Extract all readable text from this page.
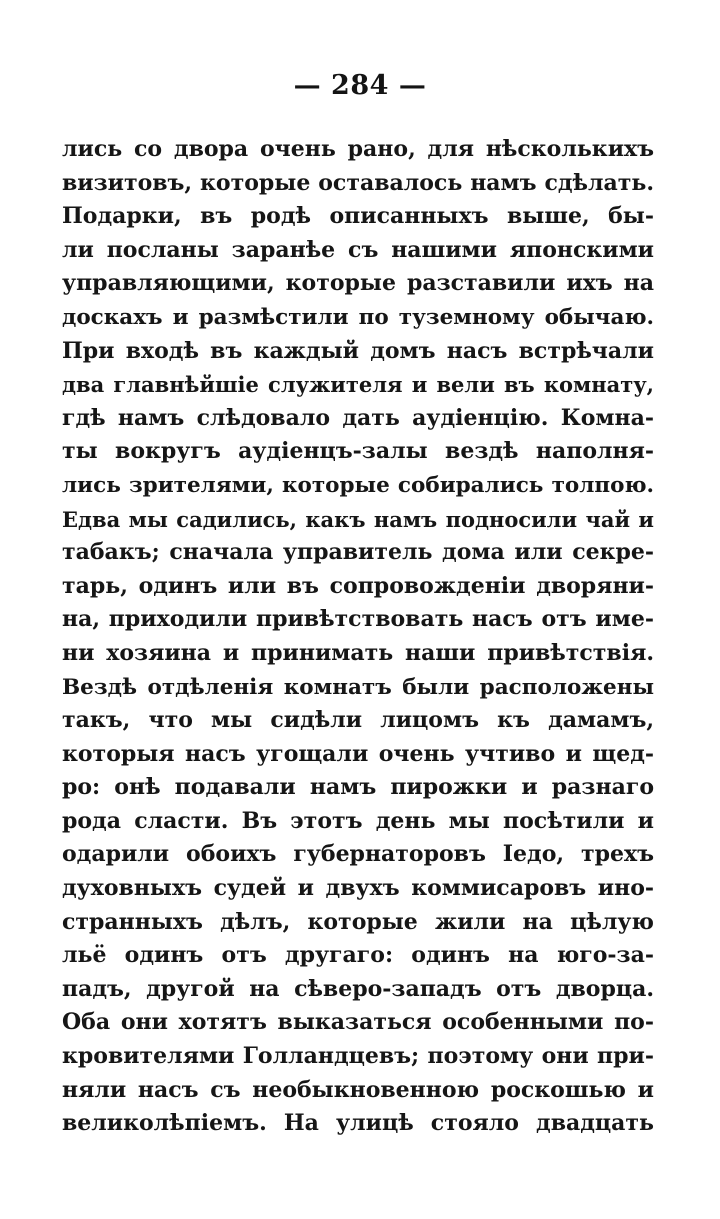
— 284 —
лись со двора очень рано, для нѣсколькихъ
визитовъ, которые оставалось намъ сдѣлать.
Подарки, въ родѣ описанныхъ выше, бы-
ли посланы заранѣе съ нашими японскими
управляющими, которые разставили ихъ на
доскахъ и размѣстили по туземному обычаю.
При входѣ въ каждый домъ насъ встрѣчали
два главнѣйшіе служителя и вели въ комнату,
гдѣ намъ слѣдовало дать аудіенцію. Комна-
ты вокругъ аудіенцъ-залы вездѣ наполня-
лись зрителями, которые собирались толпою.
Едва мы садились, какъ намъ подносили чай и
табакъ; сначала управитель дома или секре-
тарь, одинъ или въ сопровожденіи дворяни-
на, приходили привѣтствовать насъ отъ име-
ни хозяина и принимать наши привѣтствія.
Вездѣ отдѣленія комнатъ были расположены
такъ, что мы сидѣли лицомъ къ дамамъ,
которыя насъ угощали очень учтиво и щед-
ро: онѣ подавали намъ пирожки и разнаго
рода сласти. Въ этотъ день мы посѣтили и
одарили обоихъ губернаторовъ Іедо, трехъ
духовныхъ судей и двухъ коммисаровъ ино-
странныхъ дѣлъ, которые жили на цѣлую
льё одинъ отъ другаго: одинъ на юго-за-
падъ, другой на сѣверо-западъ отъ дворца.
Оба они хотятъ выказаться особенными по-
кровителями Голландцевъ; поэтому они при-
няли насъ съ необыкновенною роскошью и
великолѣпіемъ. На улицѣ стояло двадцать
